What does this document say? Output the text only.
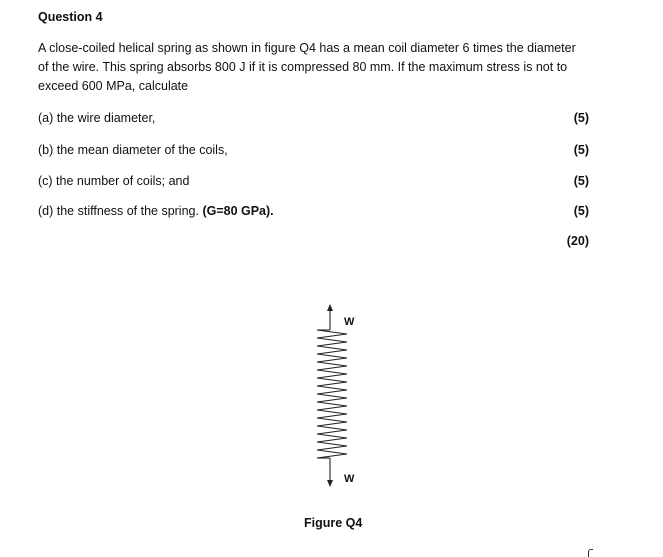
Question 4
A close-coiled helical spring as shown in figure Q4 has a mean coil diameter 6 times the diameter
of the wire. This spring absorbs 800 J if it is compressed 80 mm. If the maximum stress is not to
exceed 600 MPa, calculate
(a) the wire diameter,	(5)
(b) the mean diameter of the coils,	(5)
(c) the number of coils; and	(5)
(d) the stiffness of the spring. (G=80 GPa).	(5)
(20)
W
W
Figure Q4
